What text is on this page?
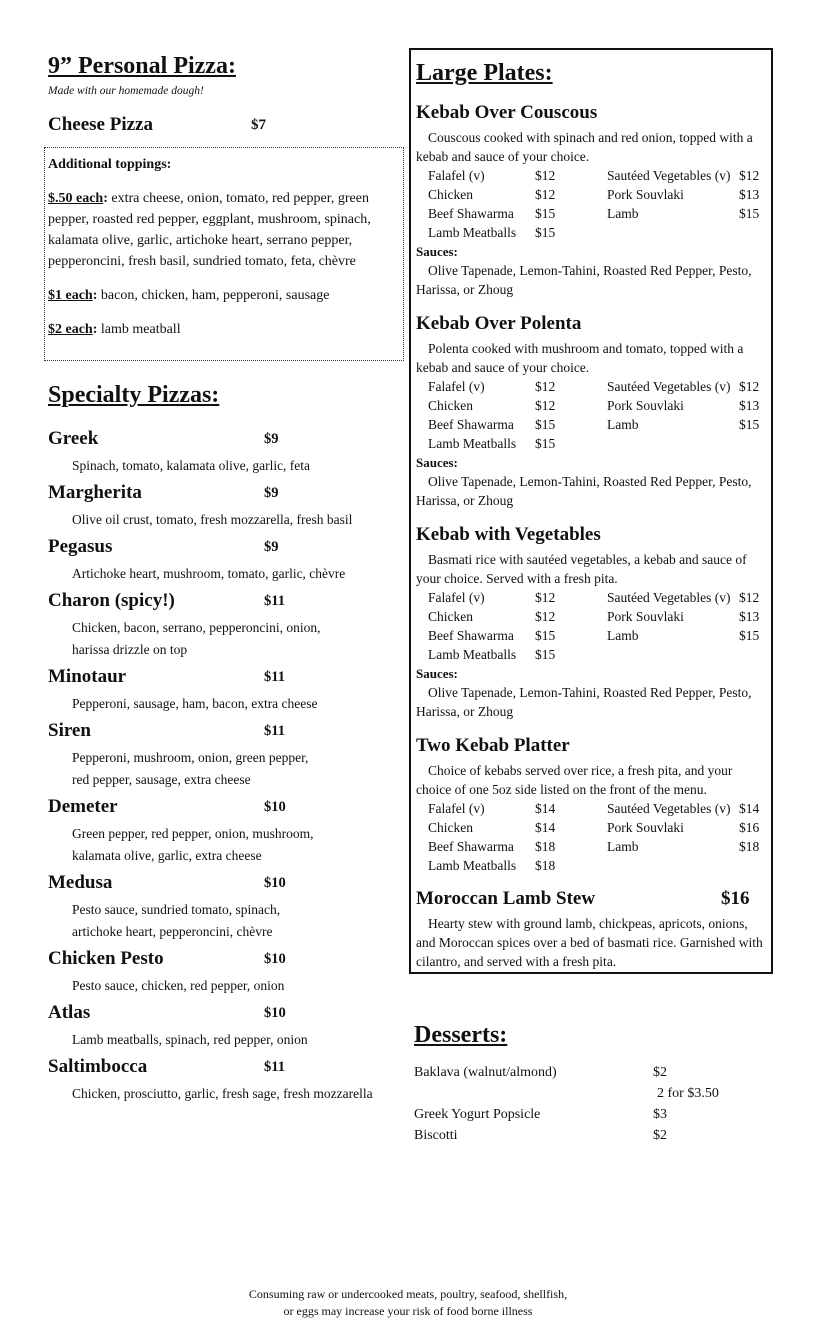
9” Personal Pizza:
Made with our homemade dough!
Cheese Pizza	$7

Additional toppings:

$.50 each: extra cheese, onion, tomato, red pepper, green pepper, roasted red pepper, eggplant, mushroom, spinach, kalamata olive, garlic, artichoke heart, serrano pepper, pepperoncini, fresh basil, sundried tomato, feta, chèvre

$1 each: bacon, chicken, ham, pepperoni, sausage

$2 each: lamb meatball

Specialty Pizzas:
Greek	$9
Spinach, tomato, kalamata olive, garlic, feta
Margherita	$9
Olive oil crust, tomato, fresh mozzarella, fresh basil
Pegasus	$9
Artichoke heart, mushroom, tomato, garlic, chèvre
Charon (spicy!)	$11
Chicken, bacon, serrano, pepperoncini, onion,
harissa drizzle on top
Minotaur	$11
Pepperoni, sausage, ham, bacon, extra cheese
Siren	$11
Pepperoni, mushroom, onion, green pepper,
red pepper, sausage, extra cheese
Demeter	$10
Green pepper, red pepper, onion, mushroom,
kalamata olive, garlic, extra cheese
Medusa	$10
Pesto sauce, sundried tomato, spinach,
artichoke heart, pepperoncini, chèvre
Chicken Pesto	$10
Pesto sauce, chicken, red pepper, onion
Atlas	$10
Lamb meatballs, spinach, red pepper, onion
Saltimbocca	$11
Chicken, prosciutto, garlic, fresh sage, fresh mozzarella
Large Plates:
Kebab Over Couscous
Couscous cooked with spinach and red onion, topped with a kebab and sauce of your choice.
Falafel (v)	$12	Sautéed Vegetables (v) $12
Chicken	$12	Pork Souvlaki	$13
Beef Shawarma $15	Lamb	$15
Lamb Meatballs $15
Sauces:
Olive Tapenade, Lemon-Tahini, Roasted Red Pepper, Pesto, Harissa, or Zhoug
Kebab Over Polenta
Polenta cooked with mushroom and tomato, topped with a kebab and sauce of your choice.
Falafel (v)	$12	Sautéed Vegetables (v) $12
Chicken	$12	Pork Souvlaki	$13
Beef Shawarma $15	Lamb	$15
Lamb Meatballs $15
Sauces:
Olive Tapenade, Lemon-Tahini, Roasted Red Pepper, Pesto, Harissa, or Zhoug
Kebab with Vegetables
Basmati rice with sautéed vegetables, a kebab and sauce of your choice. Served with a fresh pita.
Falafel (v)	$12	Sautéed Vegetables (v) $12
Chicken	$12	Pork Souvlaki	$13
Beef Shawarma $15	Lamb	$15
Lamb Meatballs $15
Sauces:
Olive Tapenade, Lemon-Tahini, Roasted Red Pepper, Pesto, Harissa, or Zhoug
Two Kebab Platter
Choice of kebabs served over rice, a fresh pita, and your choice of one 5oz side listed on the front of the menu.
Falafel (v)	$14	Sautéed Vegetables (v) $14
Chicken	$14	Pork Souvlaki	$16
Beef Shawarma $18	Lamb	$18
Lamb Meatballs $18
Moroccan Lamb Stew	$16
Hearty stew with ground lamb, chickpeas, apricots, onions, and Moroccan spices over a bed of basmati rice. Garnished with cilantro, and served with a fresh pita.
Desserts:
Baklava (walnut/almond)	$2
2 for $3.50
Greek Yogurt Popsicle	$3
Biscotti	$2
Consuming raw or undercooked meats, poultry, seafood, shellfish,
or eggs may increase your risk of food borne illness
